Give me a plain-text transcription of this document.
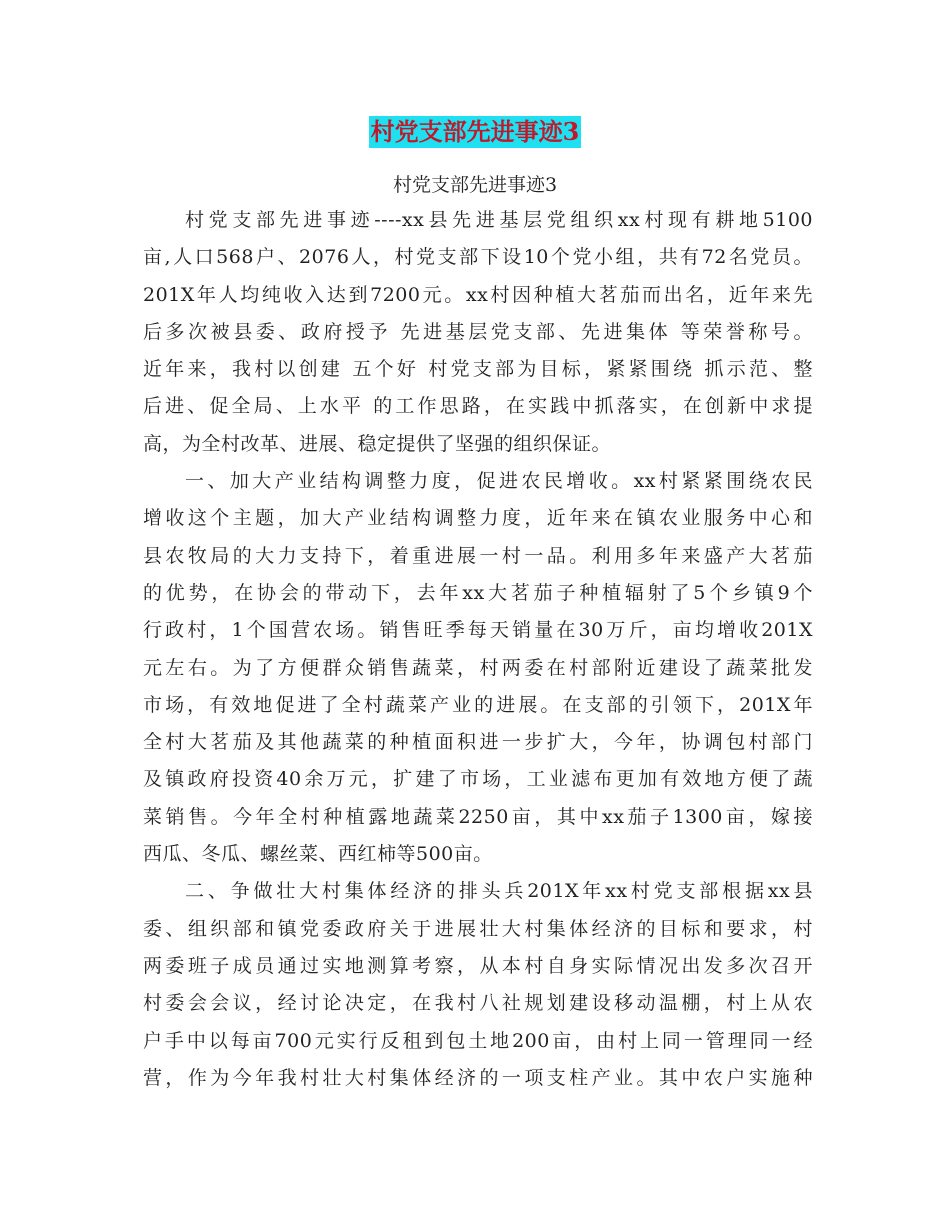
村党支部先进事迹3

村党支部先进事迹3

村党支部先进事迹----xx县先进基层党组织xx村现有耕地5100
亩,人口568户、2076人，村党支部下设10个党小组，共有72名党员。
201X年人均纯收入达到7200元。xx村因种植大茗茄而出名，近年来先
后多次被县委、政府授予 先进基层党支部、先进集体 等荣誉称号。
近年来，我村以创建 五个好 村党支部为目标，紧紧围绕 抓示范、整
后进、促全局、上水平 的工作思路，在实践中抓落实，在创新中求提
高，为全村改革、进展、稳定提供了坚强的组织保证。
一、加大产业结构调整力度，促进农民增收。xx村紧紧围绕农民
增收这个主题，加大产业结构调整力度，近年来在镇农业服务中心和
县农牧局的大力支持下，着重进展一村一品。利用多年来盛产大茗茄
的优势，在协会的带动下，去年xx大茗茄子种植辐射了5个乡镇9个
行政村，1个国营农场。销售旺季每天销量在30万斤，亩均增收201X
元左右。为了方便群众销售蔬菜，村两委在村部附近建设了蔬菜批发
市场，有效地促进了全村蔬菜产业的进展。在支部的引领下，201X年
全村大茗茄及其他蔬菜的种植面积进一步扩大，今年，协调包村部门
及镇政府投资40余万元，扩建了市场，工业滤布更加有效地方便了蔬
菜销售。今年全村种植露地蔬菜2250亩，其中xx茄子1300亩，嫁接
西瓜、冬瓜、螺丝菜、西红柿等500亩。
二、争做壮大村集体经济的排头兵201X年xx村党支部根据xx县
委、组织部和镇党委政府关于进展壮大村集体经济的目标和要求，村
两委班子成员通过实地测算考察，从本村自身实际情况出发多次召开
村委会会议，经讨论决定，在我村八社规划建设移动温棚，村上从农
户手中以每亩700元实行反租到包土地200亩，由村上同一管理同一经
营，作为今年我村壮大村集体经济的一项支柱产业。其中农户实施种
